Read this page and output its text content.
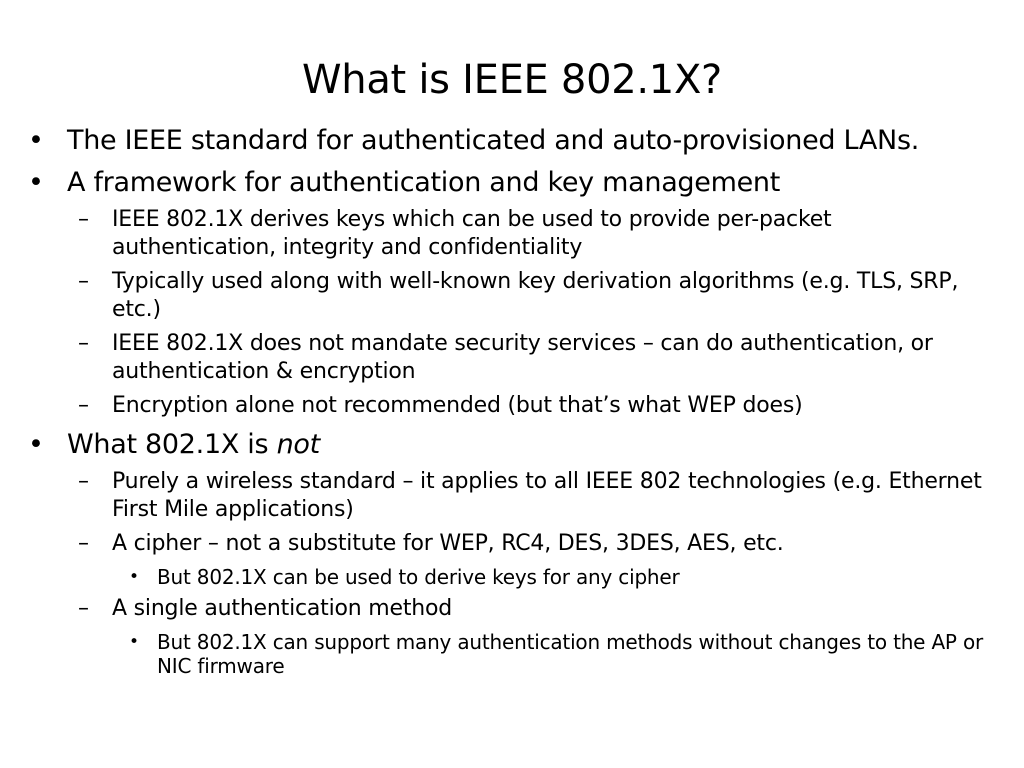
What is IEEE 802.1X?
• The IEEE standard for authenticated and auto-provisioned LANs.
• A framework for authentication and key management
– IEEE 802.1X derives keys which can be used to provide per-packet authentication, integrity and confidentiality
– Typically used along with well-known key derivation algorithms (e.g. TLS, SRP, etc.)
– IEEE 802.1X does not mandate security services – can do authentication, or authentication & encryption
– Encryption alone not recommended (but that’s what WEP does)
• What 802.1X is not
– Purely a wireless standard – it applies to all IEEE 802 technologies (e.g. Ethernet First Mile applications)
– A cipher – not a substitute for WEP, RC4, DES, 3DES, AES, etc.
• But 802.1X can be used to derive keys for any cipher
– A single authentication method
• But 802.1X can support many authentication methods without changes to the AP or NIC firmware
